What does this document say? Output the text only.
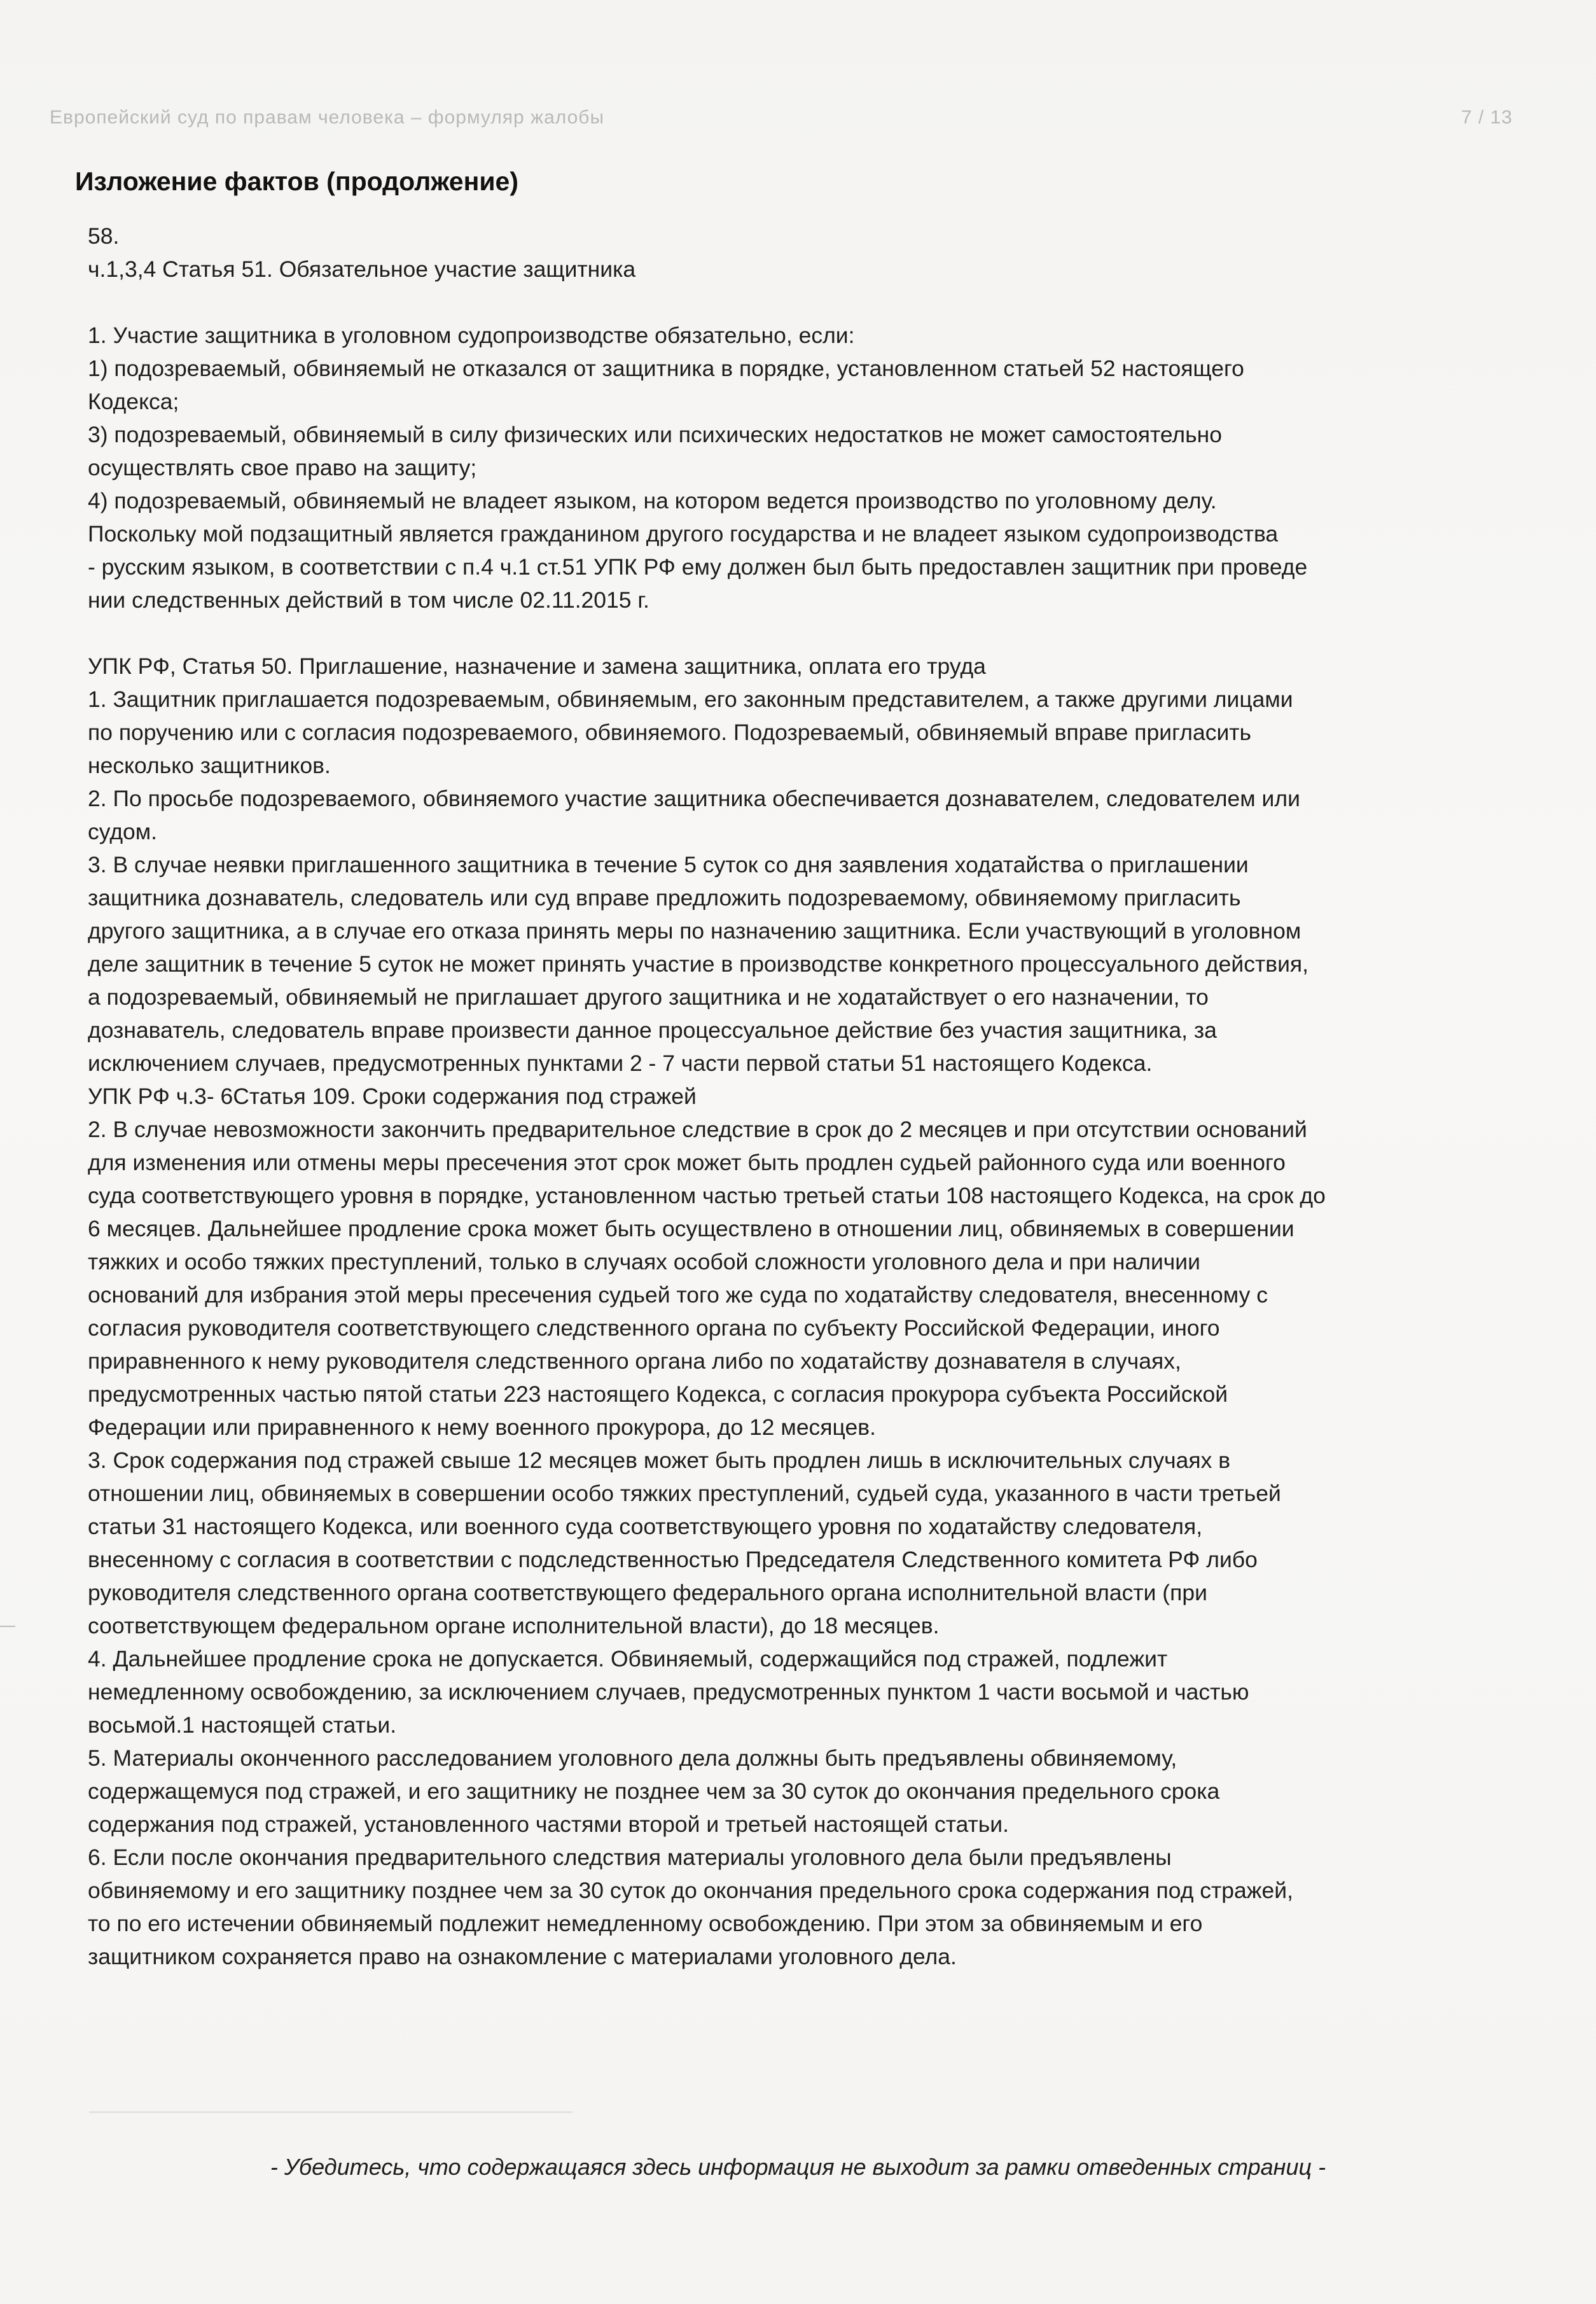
Европейский суд по правам человека – формуляр жалобы	7 / 13
Изложение фактов (продолжение)

58.

ч.1,3,4 Статья 51. Обязательное участие защитника

1. Участие защитника в уголовном судопроизводстве обязательно, если:

1) подозреваемый, обвиняемый не отказался от защитника в порядке, установленном статьей 52 настоящего

Кодекса;

3) подозреваемый, обвиняемый в силу физических или психических недостатков не может самостоятельно

осуществлять свое право на защиту;

4) подозреваемый, обвиняемый не владеет языком, на котором ведется производство по уголовному делу.

Поскольку мой подзащитный является гражданином другого государства и не владеет языком судопроизводства

- русским языком, в соответствии с п.4 ч.1 ст.51 УПК РФ ему должен был быть предоставлен защитник при проведе

нии следственных действий в том числе 02.11.2015 г.

УПК РФ, Статья 50. Приглашение, назначение и замена защитника, оплата его труда

1. Защитник приглашается подозреваемым, обвиняемым, его законным представителем, а также другими лицами

по поручению или с согласия подозреваемого, обвиняемого. Подозреваемый, обвиняемый вправе пригласить

несколько защитников.

2. По просьбе подозреваемого, обвиняемого участие защитника обеспечивается дознавателем, следователем или

судом.

3. В случае неявки приглашенного защитника в течение 5 суток со дня заявления ходатайства о приглашении

защитника дознаватель, следователь или суд вправе предложить подозреваемому, обвиняемому пригласить

другого защитника, а в случае его отказа принять меры по назначению защитника. Если участвующий в уголовном

деле защитник в течение 5 суток не может принять участие в производстве конкретного процессуального действия,

а подозреваемый, обвиняемый не приглашает другого защитника и не ходатайствует о его назначении, то

дознаватель, следователь вправе произвести данное процессуальное действие без участия защитника, за

исключением случаев, предусмотренных пунктами 2 - 7 части первой статьи 51 настоящего Кодекса.

УПК РФ ч.3- 6Статья 109. Сроки содержания под стражей

2. В случае невозможности закончить предварительное следствие в срок до 2 месяцев и при отсутствии оснований

для изменения или отмены меры пресечения этот срок может быть продлен судьей районного суда или военного

суда соответствующего уровня в порядке, установленном частью третьей статьи 108 настоящего Кодекса, на срок до

6 месяцев. Дальнейшее продление срока может быть осуществлено в отношении лиц, обвиняемых в совершении

тяжких и особо тяжких преступлений, только в случаях особой сложности уголовного дела и при наличии

оснований для избрания этой меры пресечения судьей того же суда по ходатайству следователя, внесенному с

согласия руководителя соответствующего следственного органа по субъекту Российской Федерации, иного

приравненного к нему руководителя следственного органа либо по ходатайству дознавателя в случаях,

предусмотренных частью пятой статьи 223 настоящего Кодекса, с согласия прокурора субъекта Российской

Федерации или приравненного к нему военного прокурора, до 12 месяцев.

3. Срок содержания под стражей свыше 12 месяцев может быть продлен лишь в исключительных случаях в

отношении лиц, обвиняемых в совершении особо тяжких преступлений, судьей суда, указанного в части третьей

статьи 31 настоящего Кодекса, или военного суда соответствующего уровня по ходатайству следователя,

внесенному с согласия в соответствии с подследственностью Председателя Следственного комитета РФ либо

руководителя следственного органа соответствующего федерального органа исполнительной власти (при

соответствующем федеральном органе исполнительной власти), до 18 месяцев.

4. Дальнейшее продление срока не допускается. Обвиняемый, содержащийся под стражей, подлежит

немедленному освобождению, за исключением случаев, предусмотренных пунктом 1 части восьмой и частью

восьмой.1 настоящей статьи.

5. Материалы оконченного расследованием уголовного дела должны быть предъявлены обвиняемому,

содержащемуся под стражей, и его защитнику не позднее чем за 30 суток до окончания предельного срока

содержания под стражей, установленного частями второй и третьей настоящей статьи.

6. Если после окончания предварительного следствия материалы уголовного дела были предъявлены

обвиняемому и его защитнику позднее чем за 30 суток до окончания предельного срока содержания под стражей,

то по его истечении обвиняемый подлежит немедленному освобождению. При этом за обвиняемым и его

защитником сохраняется право на ознакомление с материалами уголовного дела.

- Убедитесь, что содержащаяся здесь информация не выходит за рамки отведенных страниц -
